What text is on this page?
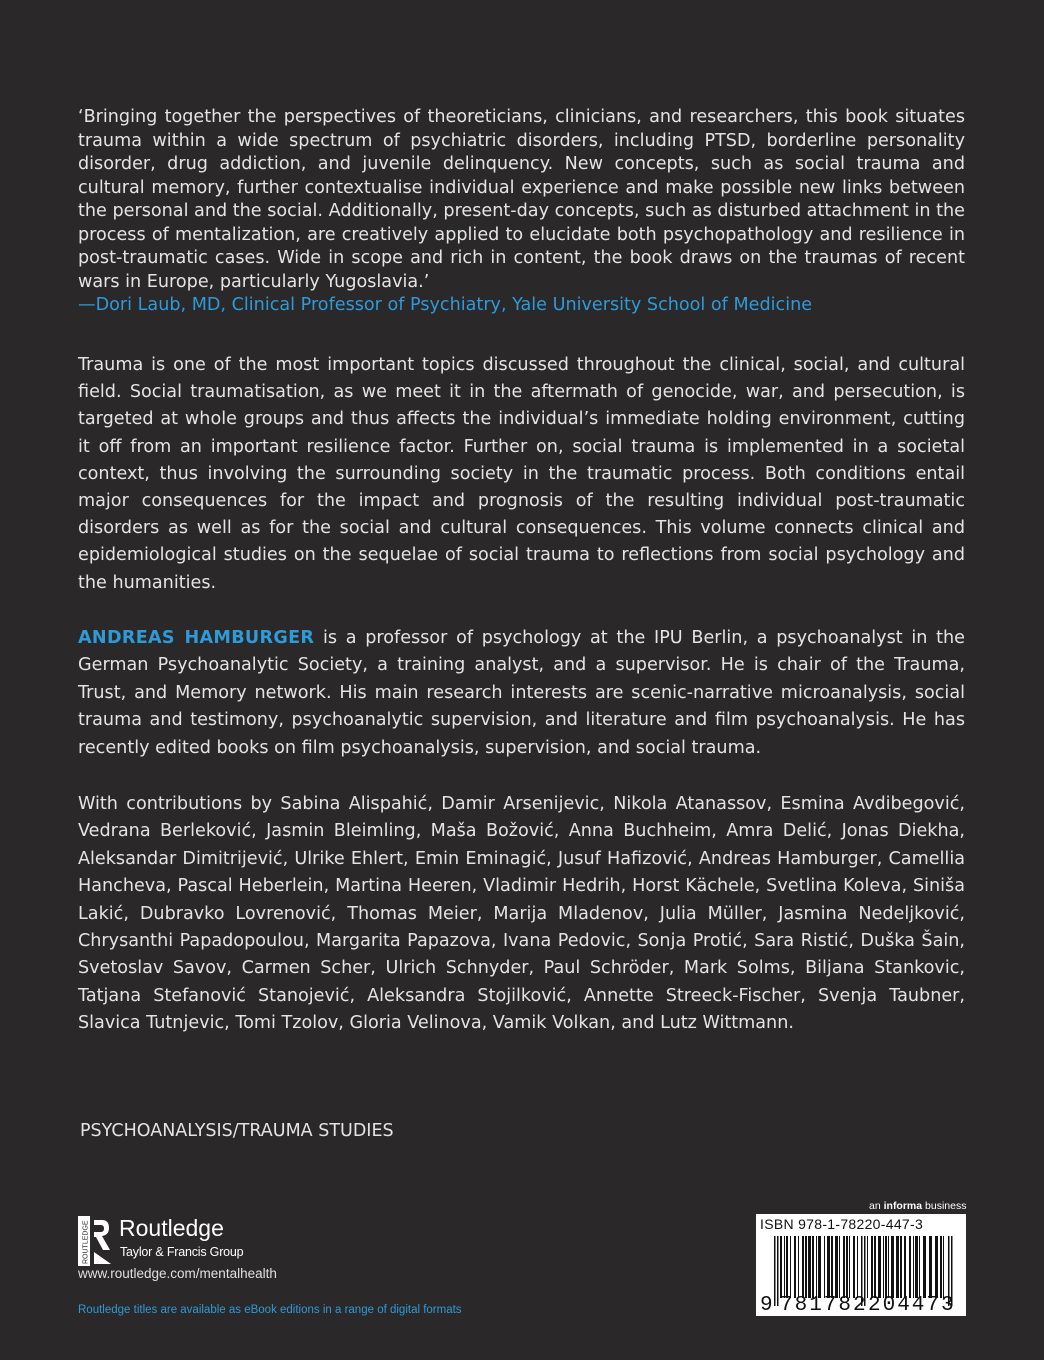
‘Bringing together the perspectives of theoreticians, clinicians, and researchers, this book situates trauma within a wide spectrum of psychiatric disorders, including PTSD, borderline personality disorder, drug addiction, and juvenile delinquency. New concepts, such as social trauma and cultural memory, further contextualise individual experience and make possible new links between the personal and the social. Additionally, present-day concepts, such as disturbed attachment in the process of mentalization, are creatively applied to elucidate both psychopathology and resilience in post-traumatic cases. Wide in scope and rich in content, the book draws on the traumas of recent wars in Europe, particularly Yugoslavia.’
—Dori Laub, MD, Clinical Professor of Psychiatry, Yale University School of Medicine
Trauma is one of the most important topics discussed throughout the clinical, social, and cultural field. Social traumatisation, as we meet it in the aftermath of genocide, war, and persecution, is targeted at whole groups and thus affects the individual’s immediate holding environment, cutting it off from an important resilience factor. Further on, social trauma is implemented in a societal context, thus involving the surrounding society in the traumatic process. Both conditions entail major consequences for the impact and prognosis of the resulting individual post-traumatic disorders as well as for the social and cultural consequences. This volume connects clinical and epidemiological studies on the sequelae of social trauma to reflections from social psychology and the humanities.
ANDREAS HAMBURGER is a professor of psychology at the IPU Berlin, a psychoanalyst in the German Psychoanalytic Society, a training analyst, and a supervisor. He is chair of the Trauma, Trust, and Memory network. His main research interests are scenic-narrative microanalysis, social trauma and testimony, psychoanalytic supervision, and literature and film psychoanalysis. He has recently edited books on film psychoanalysis, supervision, and social trauma.
With contributions by Sabina Alispahić, Damir Arsenijevic, Nikola Atanassov, Esmina Avdibegović, Vedrana Berleković, Jasmin Bleimling, Maša Božović, Anna Buchheim, Amra Delić, Jonas Diekha, Aleksandar Dimitrijević, Ulrike Ehlert, Emin Eminagić, Jusuf Hafizović, Andreas Hamburger, Camellia Hancheva, Pascal Heberlein, Martina Heeren, Vladimir Hedrih, Horst Kächele, Svetlina Koleva, Siniša Lakić, Dubravko Lovrenović, Thomas Meier, Marija Mladenov, Julia Müller, Jasmina Nedeljković, Chrysanthi Papadopoulou, Margarita Papazova, Ivana Pedovic, Sonja Protić, Sara Ristić, Duška Šain, Svetoslav Savov, Carmen Scher, Ulrich Schnyder, Paul Schröder, Mark Solms, Biljana Stankovic, Tatjana Stefanović Stanojević, Aleksandra Stojilković, Annette Streeck-Fischer, Svenja Taubner, Slavica Tutnjevic, Tomi Tzolov, Gloria Velinova, Vamik Volkan, and Lutz Wittmann.
PSYCHOANALYSIS/TRAUMA STUDIES
ROUTLEDGE Routledge
Taylor & Francis Group
www.routledge.com/mentalhealth
Routledge titles are available as eBook editions in a range of digital formats
an informa business
ISBN 978-1-78220-447-3
9 781782 204473
